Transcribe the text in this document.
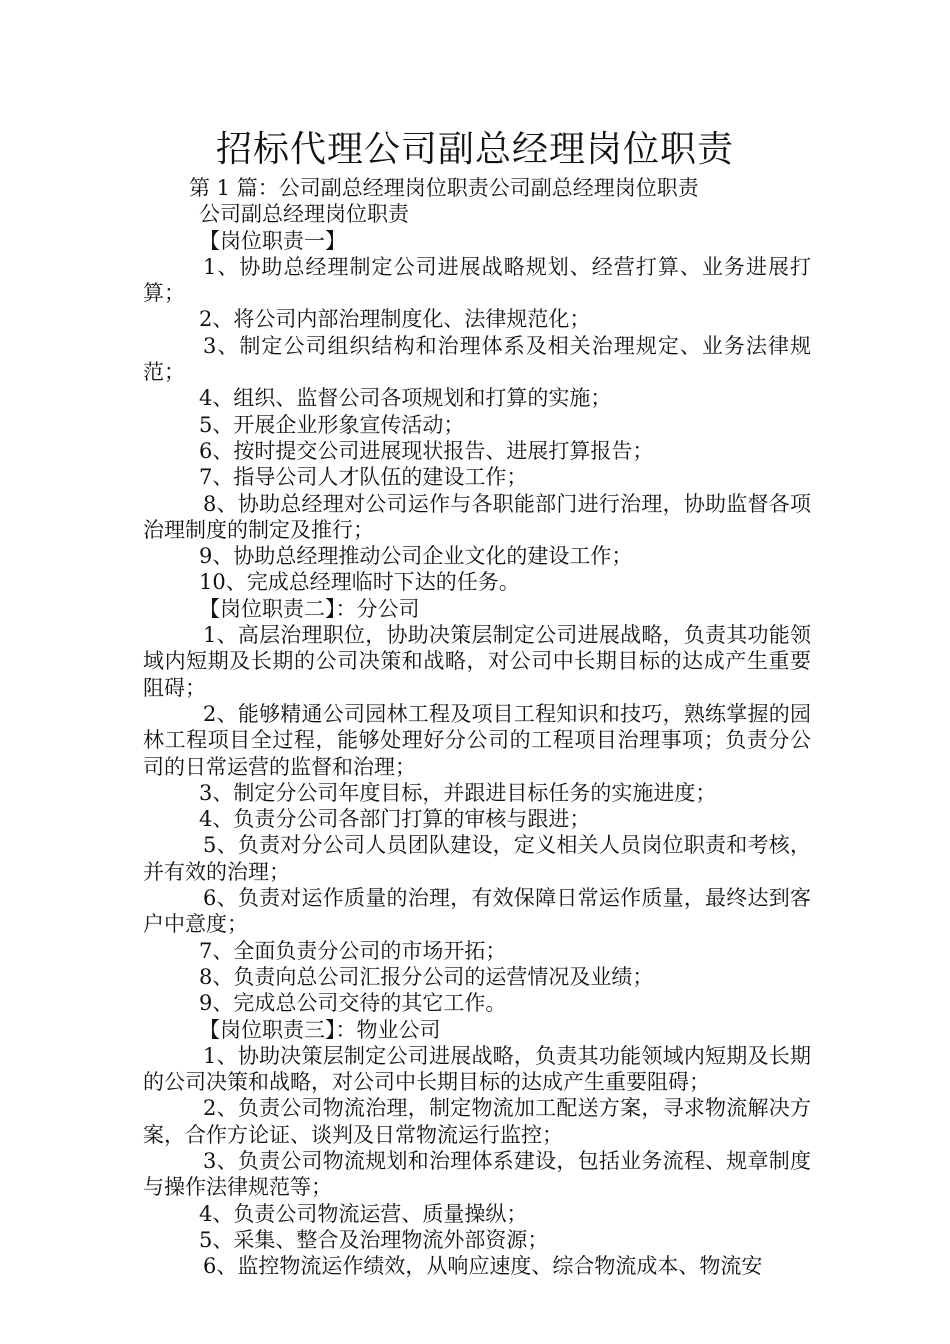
招标代理公司副总经理岗位职责

第 1 篇：公司副总经理岗位职责公司副总经理岗位职责

公司副总经理岗位职责

【岗位职责一】

1、协助总经理制定公司进展战略规划、经营打算、业务进展打算；

2、将公司内部治理制度化、法律规范化；

3、制定公司组织结构和治理体系及相关治理规定、业务法律规范；

4、组织、监督公司各项规划和打算的实施；

5、开展企业形象宣传活动；

6、按时提交公司进展现状报告、进展打算报告；

7、指导公司人才队伍的建设工作；

8、协助总经理对公司运作与各职能部门进行治理，协助监督各项治理制度的制定及推行；

9、协助总经理推动公司企业文化的建设工作；

10、完成总经理临时下达的任务。

【岗位职责二】：分公司

1、高层治理职位，协助决策层制定公司进展战略，负责其功能领域内短期及长期的公司决策和战略，对公司中长期目标的达成产生重要阻碍；

2、能够精通公司园林工程及项目工程知识和技巧，熟练掌握的园林工程项目全过程，能够处理好分公司的工程项目治理事项；负责分公司的日常运营的监督和治理；

3、制定分公司年度目标，并跟进目标任务的实施进度；

4、负责分公司各部门打算的审核与跟进；

5、负责对分公司人员团队建设，定义相关人员岗位职责和考核，并有效的治理；

6、负责对运作质量的治理，有效保障日常运作质量，最终达到客户中意度；

7、全面负责分公司的市场开拓；

8、负责向总公司汇报分公司的运营情况及业绩；

9、完成总公司交待的其它工作。

【岗位职责三】：物业公司

1、协助决策层制定公司进展战略，负责其功能领域内短期及长期的公司决策和战略，对公司中长期目标的达成产生重要阻碍；

2、负责公司物流治理，制定物流加工配送方案，寻求物流解决方案，合作方论证、谈判及日常物流运行监控；

3、负责公司物流规划和治理体系建设，包括业务流程、规章制度与操作法律规范等；

4、负责公司物流运营、质量操纵；

5、采集、整合及治理物流外部资源；

6、监控物流运作绩效，从响应速度、综合物流成本、物流安
